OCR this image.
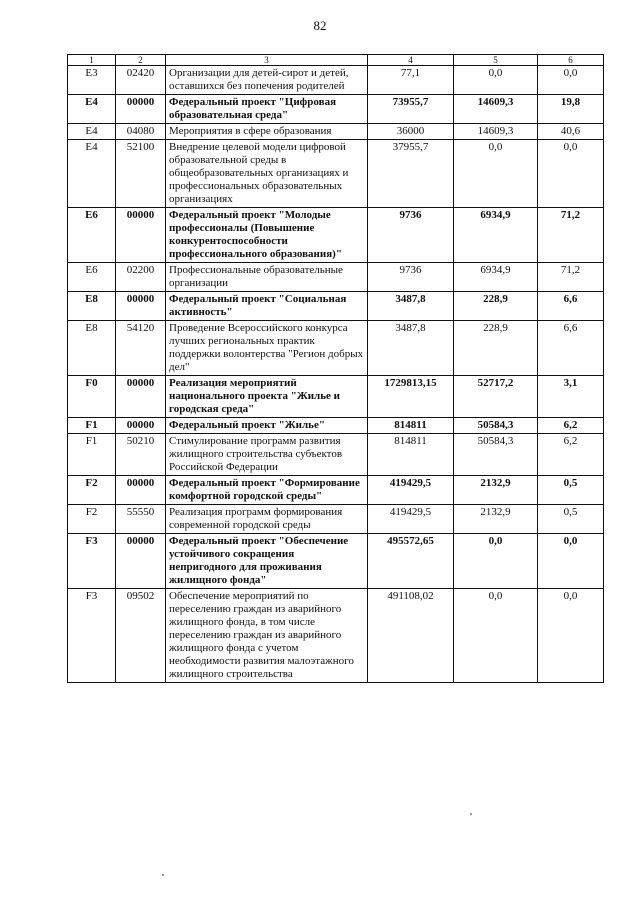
82
1	2	3	4	5	6
E3	02420	Организации для детей-сирот и детей, оставшихся без попечения родителей	77,1	0,0	0,0
E4	00000	Федеральный проект "Цифровая образовательная среда"	73955,7	14609,3	19,8
E4	04080	Мероприятия в сфере образования	36000	14609,3	40,6
E4	52100	Внедрение целевой модели цифровой образовательной среды в общеобразовательных организациях и профессиональных образовательных организациях	37955,7	0,0	0,0
E6	00000	Федеральный проект "Молодые профессионалы (Повышение конкурентоспособности профессионального образования)"	9736	6934,9	71,2
E6	02200	Профессиональные образовательные организации	9736	6934,9	71,2
E8	00000	Федеральный проект "Социальная активность"	3487,8	228,9	6,6
E8	54120	Проведение Всероссийского конкурса лучших региональных практик поддержки волонтерства "Регион добрых дел"	3487,8	228,9	6,6
F0	00000	Реализация мероприятий национального проекта "Жилье и городская среда"	1729813,15	52717,2	3,1
F1	00000	Федеральный проект "Жилье"	814811	50584,3	6,2
F1	50210	Стимулирование программ развития жилищного строительства субъектов Российской Федерации	814811	50584,3	6,2
F2	00000	Федеральный проект "Формирование комфортной городской среды"	419429,5	2132,9	0,5
F2	55550	Реализация программ формирования современной городской среды	419429,5	2132,9	0,5
F3	00000	Федеральный проект "Обеспечение устойчивого сокращения непригодного для проживания жилищного фонда"	495572,65	0,0	0,0
F3	09502	Обеспечение мероприятий по переселению граждан из аварийного жилищного фонда, в том числе переселению граждан из аварийного жилищного фонда с учетом необходимости развития малоэтажного жилищного строительства	491108,02	0,0	0,0
